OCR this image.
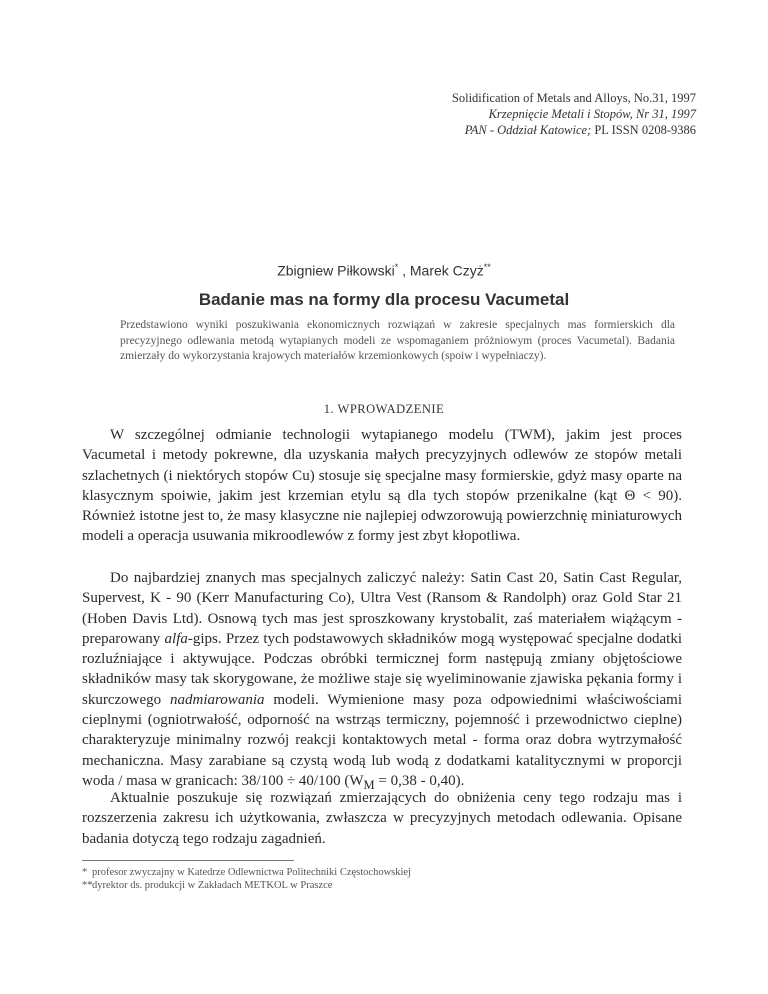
Solidification of Metals and Alloys, No.31, 1997
Krzepnięcie Metali i Stopów, Nr 31, 1997
PAN - Oddział Katowice; PL ISSN 0208-9386
Zbigniew Piłkowski* , Marek Czyż**
Badanie mas na formy dla procesu Vacumetal
Przedstawiono wyniki poszukiwania ekonomicznych rozwiązań w zakresie specjalnych mas formierskich dla precyzyjnego odlewania metodą wytapianych modeli ze wspomaganiem próżniowym (proces Vacumetal). Badania zmierzały do wykorzystania krajowych materiałów krzemionkowych (spoiw i wypełniaczy).
1. WPROWADZENIE

W szczególnej odmianie technologii wytapianego modelu (TWM), jakim jest proces Vacumetal i metody pokrewne, dla uzyskania małych precyzyjnych odlewów ze stopów metali szlachetnych (i niektórych stopów Cu) stosuje się specjalne masy formierskie, gdyż masy oparte na klasycznym spoiwie, jakim jest krzemian etylu są dla tych stopów przenikalne (kąt Θ < 90). Również istotne jest to, że masy klasyczne nie najlepiej odwzorowują powierzchnię miniaturowych modeli a operacja usuwania mikroodlewów z formy jest zbyt kłopotliwa.

Do najbardziej znanych mas specjalnych zaliczyć należy: Satin Cast 20, Satin Cast Regular, Supervest, K - 90 (Kerr Manufacturing Co), Ultra Vest (Ransom & Randolph) oraz Gold Star 21 (Hoben Davis Ltd). Osnową tych mas jest sproszkowany krystobalit, zaś materiałem wiążącym - preparowany alfa-gips. Przez tych podstawowych składników mogą występować specjalne dodatki rozluźniające i aktywujące. Podczas obróbki termicznej form następują zmiany objętościowe składników masy tak skorygowane, że możliwe staje się wyeliminowanie zjawiska pękania formy i skurczowego nadmiarowania modeli. Wymienione masy poza odpowiednimi właściwościami cieplnymi (ogniotrwałość, odporność na wstrząs termiczny, pojemność i przewodnictwo cieplne) charakteryzuje minimalny rozwój reakcji kontaktowych metal - forma oraz dobra wytrzymałość mechaniczna. Masy zarabiane są czystą wodą lub wodą z dodatkami katalitycznymi w proporcji woda / masa w granicach: 38/100 ÷ 40/100 $(W_M = 0,38 - 0,40)$.

Aktualnie poszukuje się rozwiązań zmierzających do obniżenia ceny tego rodzaju mas i rozszerzenia zakresu ich użytkowania, zwłaszcza w precyzyjnych metodach odlewania. Opisane badania dotyczą tego rodzaju zagadnień.

* profesor zwyczajny w Katedrze Odlewnictwa Politechniki Częstochowskiej
**dyrektor ds. produkcji w Zakładach METKOL w Praszce
